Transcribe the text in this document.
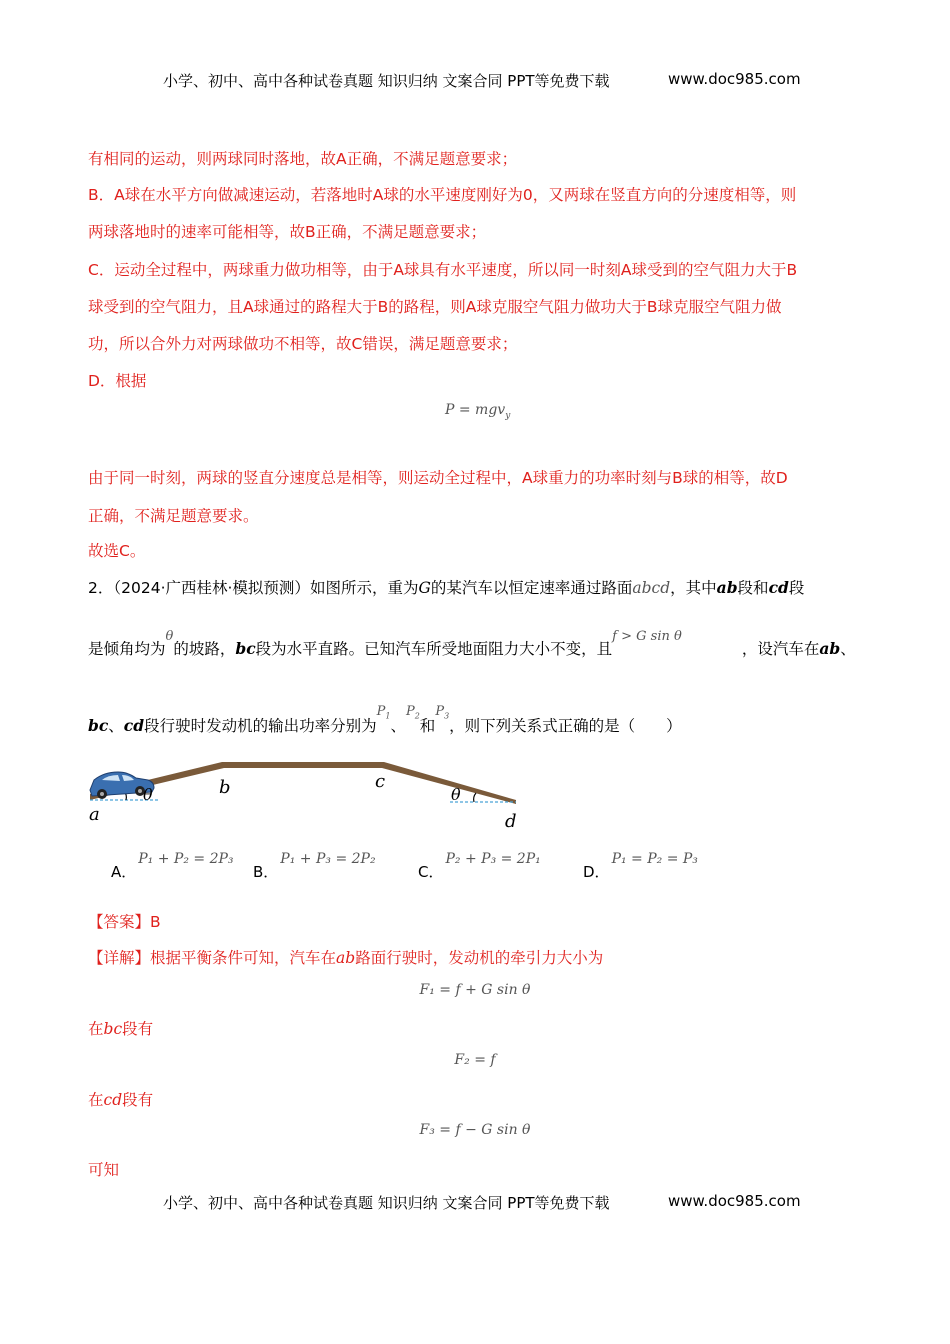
小学、初中、高中各种试卷真题 知识归纳 文案合同 PPT等免费下载	www.doc985.com
有相同的运动，则两球同时落地，故A正确，不满足题意要求；
B．A球在水平方向做减速运动，若落地时A球的水平速度刚好为0，又两球在竖直方向的分速度相等，则
两球落地时的速率可能相等，故B正确，不满足题意要求；
C．运动全过程中，两球重力做功相等，由于A球具有水平速度，所以同一时刻A球受到的空气阻力大于B
球受到的空气阻力，且A球通过的路程大于B的路程，则A球克服空气阻力做功大于B球克服空气阻力做
功，所以合外力对两球做功不相等，故C错误，满足题意要求；
D．根据
P = mgv$_y$
由于同一时刻，两球的竖直分速度总是相等，则运动全过程中，A球重力的功率时刻与B球的相等，故D
正确，不满足题意要求。
故选C。
2．（2024·广西桂林·模拟预测）如图所示，重为G的某汽车以恒定速率通过路面abcd，其中ab段和cd段
是倾角均为$^\theta$的坡路，bc段为水平直路。已知汽车所受地面阻力大小不变，且$^{f > G sin \theta}$，设汽车在ab、
bc、cd段行驶时发动机的输出功率分别为$^{P_1}$、$^{P_2}$和$^{P_3}$，则下列关系式正确的是（　　）
θ	θ
a
b	c
d
A．P₁ + P₂ = 2P₃
B．P₁ + P₃ = 2P₂
C．P₂ + P₃ = 2P₁
D．P₁ = P₂ = P₃
【答案】B
【详解】根据平衡条件可知，汽车在ab路面行驶时，发动机的牵引力大小为
F₁ = f + G sin θ
在bc段有
F₂ = f
在cd段有
F₃ = f − G sin θ
可知
小学、初中、高中各种试卷真题 知识归纳 文案合同 PPT等免费下载	www.doc985.com
